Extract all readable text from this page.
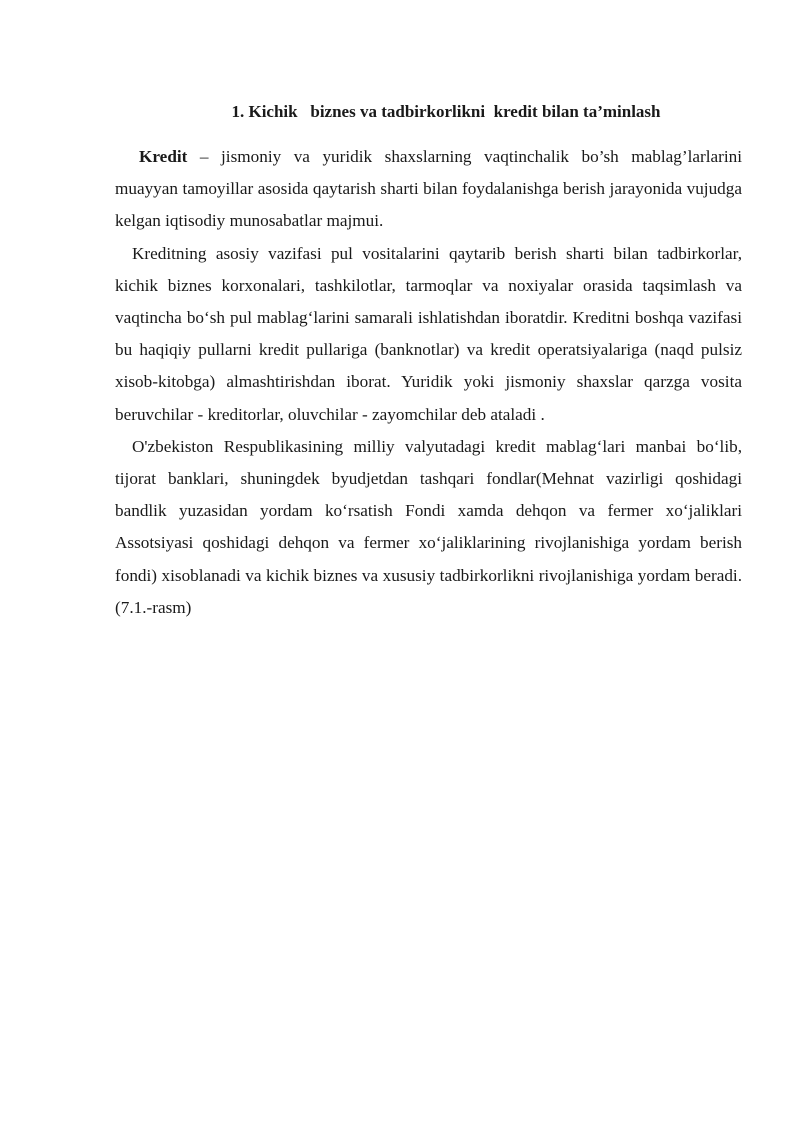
1. Kichik   biznes va tadbirkorlikni  kredit bilan ta’minlash

Kredit – jismoniy va yuridik shaxslarning vaqtinchalik bo’sh mablag’larlarini muayyan tamoyillar asosida qaytarish sharti bilan foydalanishga berish jarayonida vujudga kelgan iqtisodiy munosabatlar majmui.

Kreditning asosiy vazifasi pul vositalarini qaytarib berish sharti bilan tadbirkorlar, kichik biznes korxonalari, tashkilotlar, tarmoqlar va noxiyalar orasida taqsimlash va vaqtincha bo‘sh pul mablag‘larini samarali ishlatishdan iboratdir. Kreditni boshqa vazifasi bu haqiqiy pullarni kredit pullariga (banknotlar) va kredit operatsiyalariga (naqd pulsiz xisob-kitobga) almashtirishdan iborat. Yuridik yoki jismoniy shaxslar qarzga vosita beruvchilar - kreditorlar, oluvchilar - zayomchilar deb ataladi .

O'zbekiston Respublikasining milliy valyutadagi kredit mablag‘lari manbai bo‘lib, tijorat banklari, shuningdek byudjetdan tashqari fondlar(Mehnat vazirligi qoshidagi bandlik yuzasidan yordam ko‘rsatish Fondi xamda dehqon va fermer xo‘jaliklari Assotsiyasi qoshidagi dehqon va fermer xo‘jaliklarining rivojlanishiga yordam berish fondi) xisoblanadi va kichik biznes va xususiy tadbirkorlikni rivojlanishiga yordam beradi. (7.1.-rasm)
